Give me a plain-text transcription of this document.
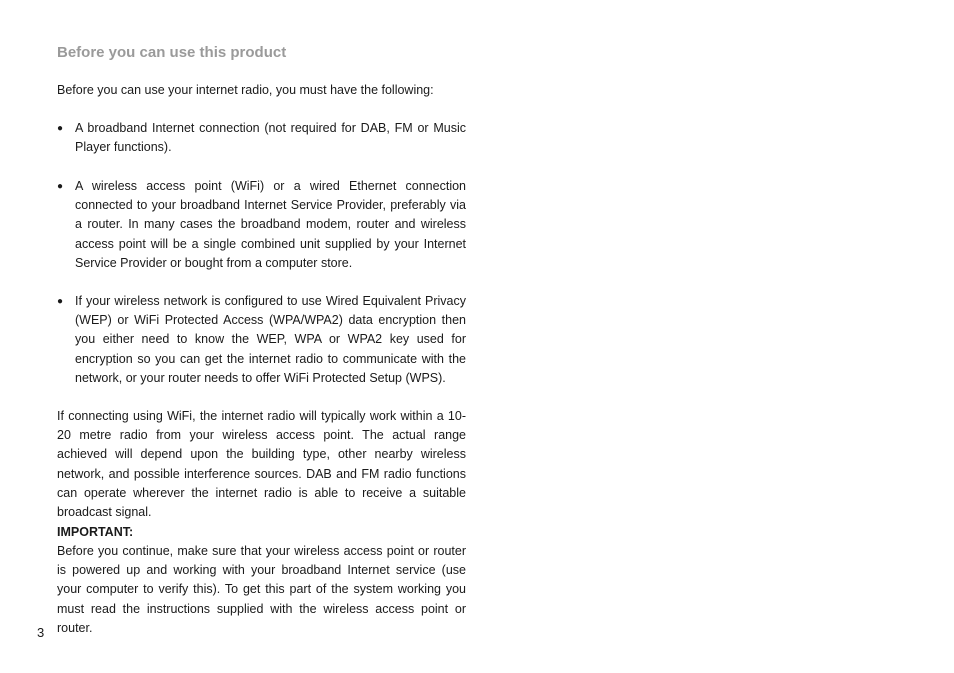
Before you can use this product
Before you can use your internet radio, you must have the following:
● A broadband Internet connection (not required for DAB, FM or Music Player functions).
● A wireless access point (WiFi) or a wired Ethernet connection connected to your broadband Internet Service Provider, preferably via a router. In many cases the broadband modem, router and wireless access point will be a single combined unit supplied by your Internet Service Provider or bought from a computer store.
● If your wireless network is configured to use Wired Equivalent Privacy (WEP) or WiFi Protected Access (WPA/WPA2) data encryption then you either need to know the WEP, WPA or WPA2 key used for encryption so you can get the internet radio to communicate with the network, or your router needs to offer WiFi Protected Setup (WPS).
If connecting using WiFi, the internet radio will typically work within a 10-20 metre radio from your wireless access point. The actual range achieved will depend upon the building type, other nearby wireless network, and possible interference sources. DAB and FM radio functions can operate wherever the internet radio is able to receive a suitable broadcast signal.
IMPORTANT:
Before you continue, make sure that your wireless access point or router is powered up and working with your broadband Internet service (use your computer to verify this). To get this part of the system working you must read the instructions supplied with the wireless access point or router.
3
